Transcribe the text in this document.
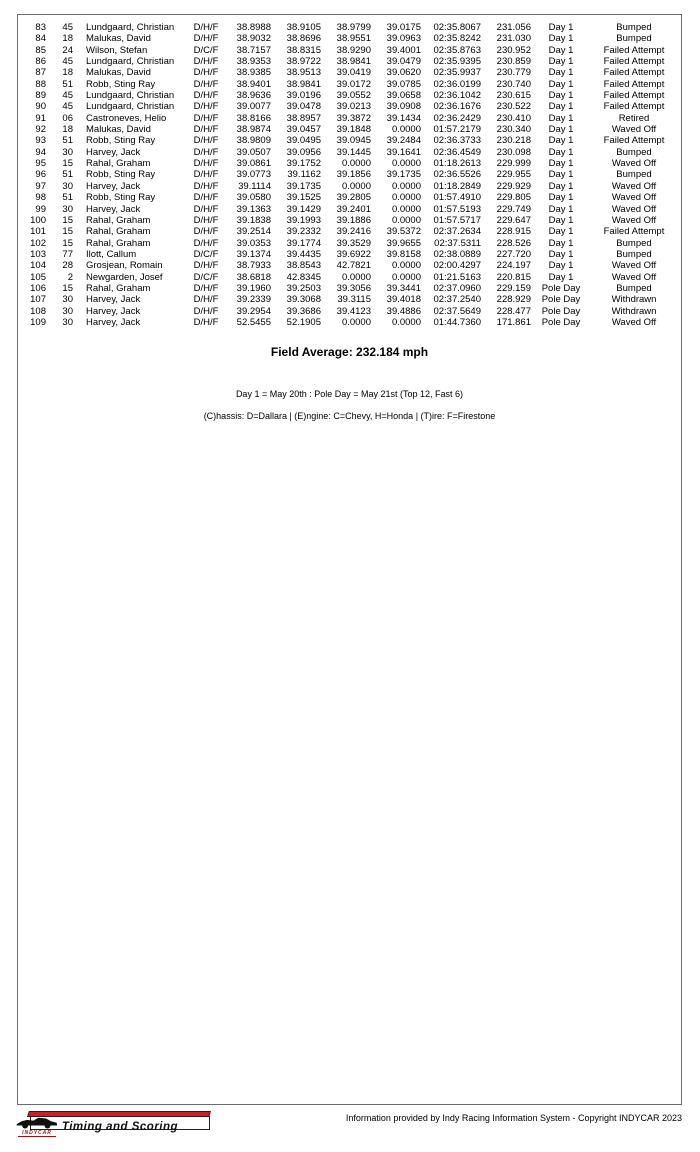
83	45	Lundgaard, Christian	D/H/F	38.8988	38.9105	38.9799	39.0175	02:35.8067	231.056	Day 1	Bumped
84	18	Malukas, David	D/H/F	38.9032	38.8696	38.9551	39.0963	02:35.8242	231.030	Day 1	Bumped
85	24	Wilson, Stefan	D/C/F	38.7157	38.8315	38.9290	39.4001	02:35.8763	230.952	Day 1	Failed Attempt
86	45	Lundgaard, Christian	D/H/F	38.9353	38.9722	38.9841	39.0479	02:35.9395	230.859	Day 1	Failed Attempt
87	18	Malukas, David	D/H/F	38.9385	38.9513	39.0419	39.0620	02:35.9937	230.779	Day 1	Failed Attempt
88	51	Robb, Sting Ray	D/H/F	38.9401	38.9841	39.0172	39.0785	02:36.0199	230.740	Day 1	Failed Attempt
89	45	Lundgaard, Christian	D/H/F	38.9636	39.0196	39.0552	39.0658	02:36.1042	230.615	Day 1	Failed Attempt
90	45	Lundgaard, Christian	D/H/F	39.0077	39.0478	39.0213	39.0908	02:36.1676	230.522	Day 1	Failed Attempt
91	06	Castroneves, Helio	D/H/F	38.8166	38.8957	39.3872	39.1434	02:36.2429	230.410	Day 1	Retired
92	18	Malukas, David	D/H/F	38.9874	39.0457	39.1848	0.0000	01:57.2179	230.340	Day 1	Waved Off
93	51	Robb, Sting Ray	D/H/F	38.9809	39.0495	39.0945	39.2484	02:36.3733	230.218	Day 1	Failed Attempt
94	30	Harvey, Jack	D/H/F	39.0507	39.0956	39.1445	39.1641	02:36.4549	230.098	Day 1	Bumped
95	15	Rahal, Graham	D/H/F	39.0861	39.1752	0.0000	0.0000	01:18.2613	229.999	Day 1	Waved Off
96	51	Robb, Sting Ray	D/H/F	39.0773	39.1162	39.1856	39.1735	02:36.5526	229.955	Day 1	Bumped
97	30	Harvey, Jack	D/H/F	39.1114	39.1735	0.0000	0.0000	01:18.2849	229.929	Day 1	Waved Off
98	51	Robb, Sting Ray	D/H/F	39.0580	39.1525	39.2805	0.0000	01:57.4910	229.805	Day 1	Waved Off
99	30	Harvey, Jack	D/H/F	39.1363	39.1429	39.2401	0.0000	01:57.5193	229.749	Day 1	Waved Off
100	15	Rahal, Graham	D/H/F	39.1838	39.1993	39.1886	0.0000	01:57.5717	229.647	Day 1	Waved Off
101	15	Rahal, Graham	D/H/F	39.2514	39.2332	39.2416	39.5372	02:37.2634	228.915	Day 1	Failed Attempt
102	15	Rahal, Graham	D/H/F	39.0353	39.1774	39.3529	39.9655	02:37.5311	228.526	Day 1	Bumped
103	77	Ilott, Callum	D/C/F	39.1374	39.4435	39.6922	39.8158	02:38.0889	227.720	Day 1	Bumped
104	28	Grosjean, Romain	D/H/F	38.7933	38.8543	42.7821	0.0000	02:00.4297	224.197	Day 1	Waved Off
105	2	Newgarden, Josef	D/C/F	38.6818	42.8345	0.0000	0.0000	01:21.5163	220.815	Day 1	Waved Off
106	15	Rahal, Graham	D/H/F	39.1960	39.2503	39.3056	39.3441	02:37.0960	229.159	Pole Day	Bumped
107	30	Harvey, Jack	D/H/F	39.2339	39.3068	39.3115	39.4018	02:37.2540	228.929	Pole Day	Withdrawn
108	30	Harvey, Jack	D/H/F	39.2954	39.3686	39.4123	39.4886	02:37.5649	228.477	Pole Day	Withdrawn
109	30	Harvey, Jack	D/H/F	52.5455	52.1905	0.0000	0.0000	01:44.7360	171.861	Pole Day	Waved Off
Field Average: 232.184 mph
Day 1 = May 20th : Pole Day = May 21st (Top 12, Fast 6)
(C)hassis: D=Dallara | (E)ngine: C=Chevy, H=Honda | (T)ire: F=Firestone
Timing and Scoring
INDYCAR
Information provided by Indy Racing Information System - Copyright INDYCAR 2023
